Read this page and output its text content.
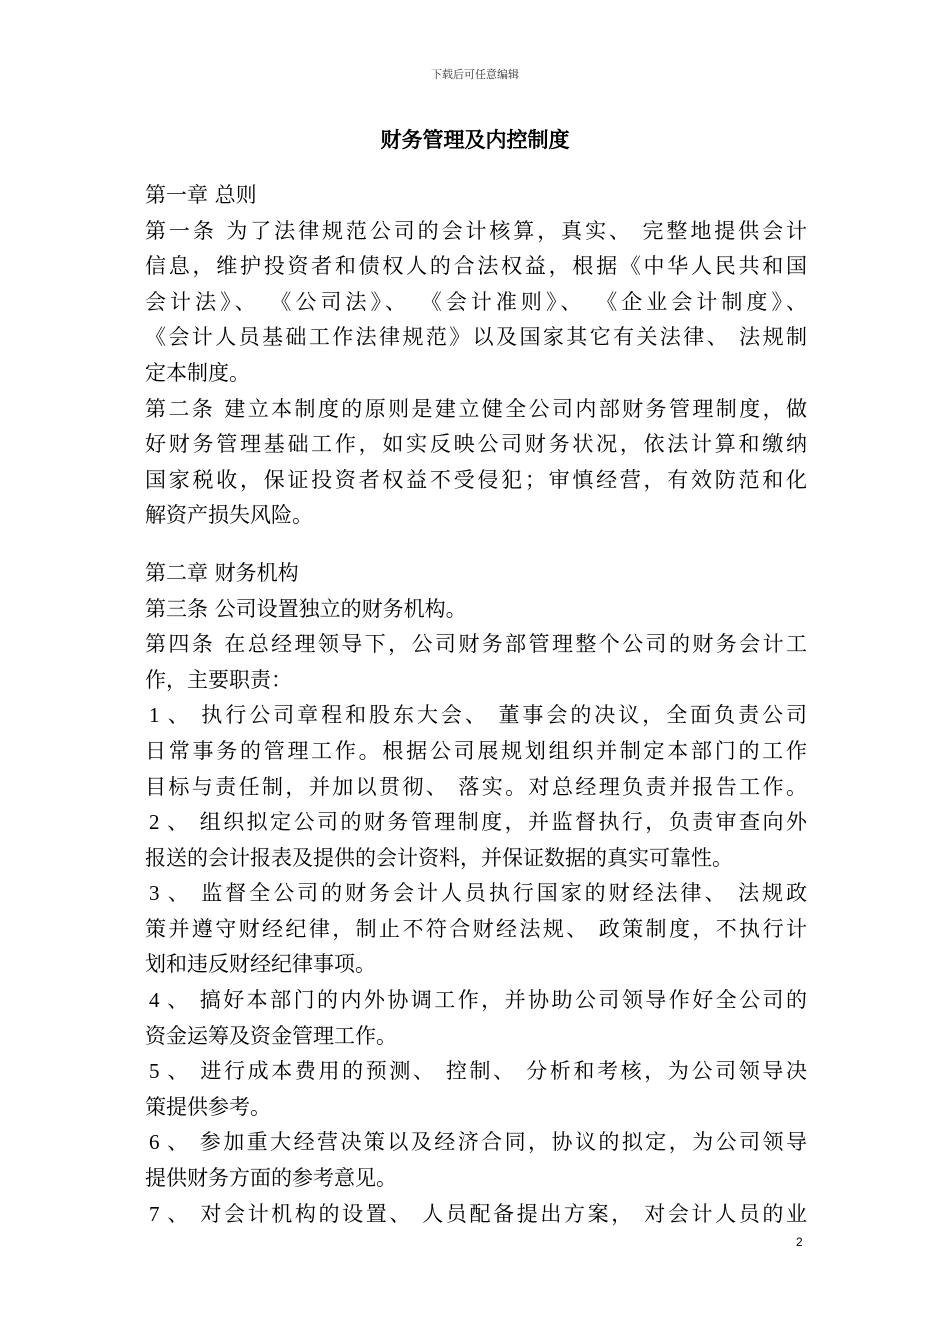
下载后可任意编辑
财务管理及内控制度
第一章 总则
第一条 为了法律规范公司的会计核算，真实、 完整地提供会计
信息，维护投资者和债权人的合法权益，根据《中华人民共和国
会计法》、 《公司法》、 《会计准则》、 《企业会计制度》、
《会计人员基础工作法律规范》以及国家其它有关法律、 法规制
定本制度。
第二条 建立本制度的原则是建立健全公司内部财务管理制度，做
好财务管理基础工作，如实反映公司财务状况，依法计算和缴纳
国家税收，保证投资者权益不受侵犯；审慎经营，有效防范和化
解资产损失风险。
第二章 财务机构
第三条 公司设置独立的财务机构。
第四条 在总经理领导下，公司财务部管理整个公司的财务会计工
作，主要职责：
1 、 执行公司章程和股东大会、 董事会的决议，全面负责公司
日常事务的管理工作。根据公司展规划组织并制定本部门的工作
目标与责任制，并加以贯彻、 落实。对总经理负责并报告工作。
2 、 组织拟定公司的财务管理制度，并监督执行，负责审查向外
报送的会计报表及提供的会计资料，并保证数据的真实可靠性。
3 、 监督全公司的财务会计人员执行国家的财经法律、 法规政
策并遵守财经纪律，制止不符合财经法规、 政策制度，不执行计
划和违反财经纪律事项。
4 、 搞好本部门的内外协调工作，并协助公司领导作好全公司的
资金运筹及资金管理工作。
5 、 进行成本费用的预测、 控制、 分析和考核，为公司领导决
策提供参考。
6 、 参加重大经营决策以及经济合同，协议的拟定，为公司领导
提供财务方面的参考意见。
7 、 对会计机构的设置、 人员配备提出方案， 对会计人员的业
2
